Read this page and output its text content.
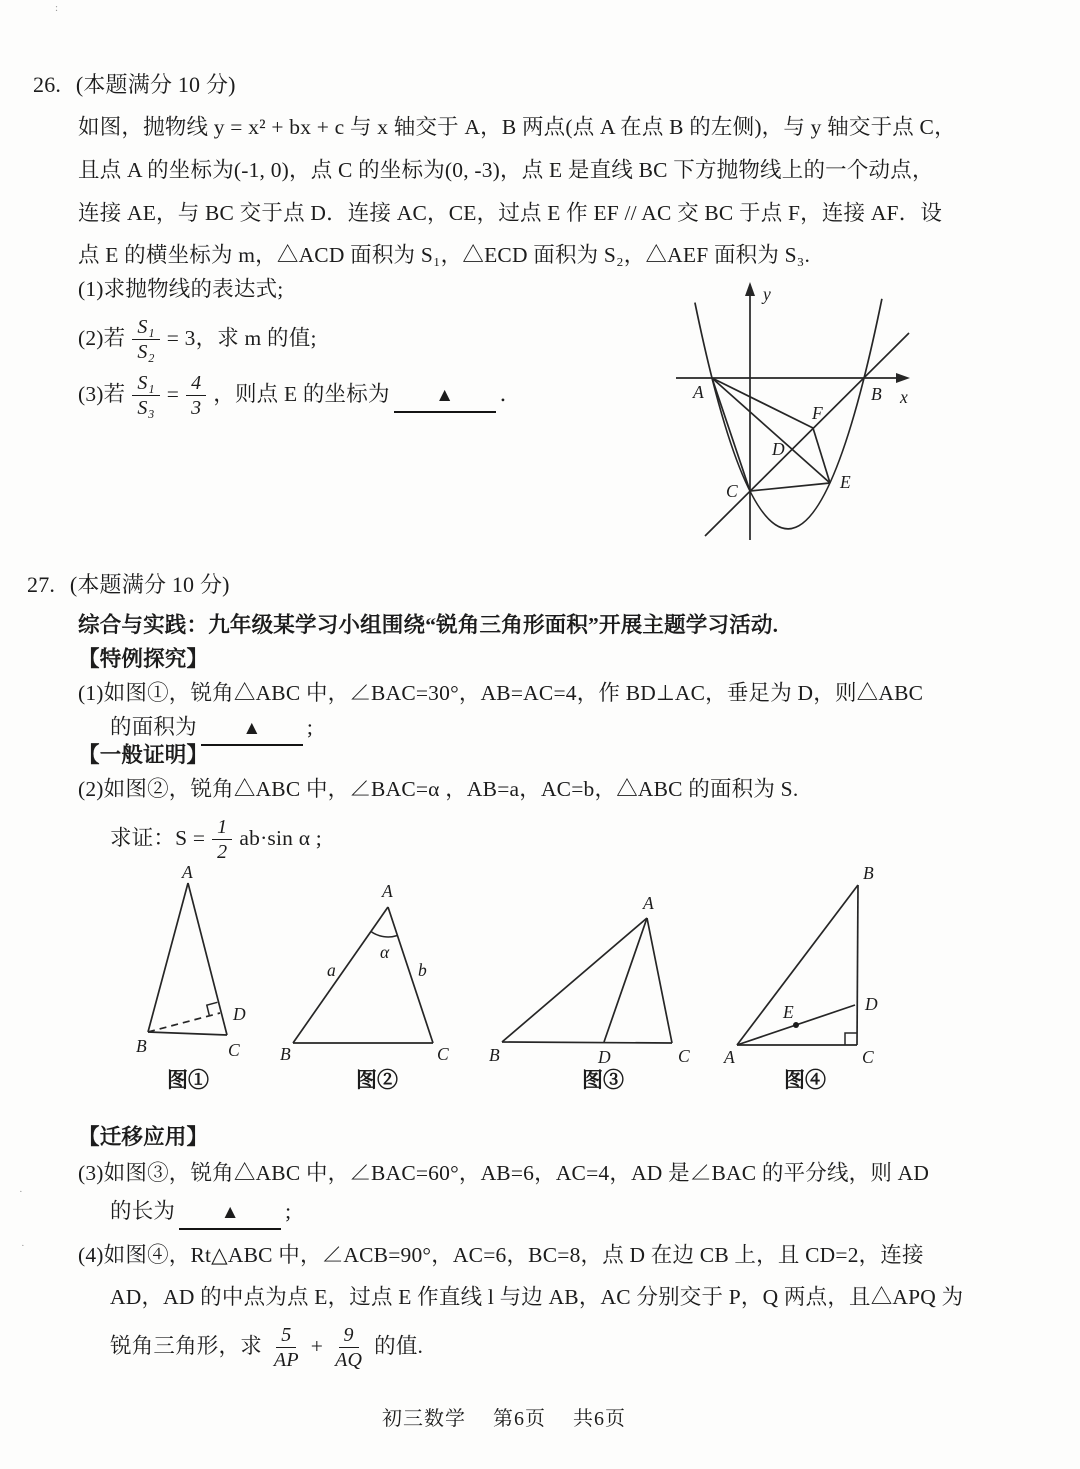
:
·
·
26. (本题满分 10 分)
如图，抛物线 y = x² + bx + c 与 x 轴交于 A，B 两点(点 A 在点 B 的左侧)，与 y 轴交于点 C，
且点 A 的坐标为(-1, 0)，点 C 的坐标为(0, -3)，点 E 是直线 BC 下方抛物线上的一个动点，
连接 AE，与 BC 交于点 D．连接 AC，CE，过点 E 作 EF // AC 交 BC 于点 F，连接 AF．设
点 E 的横坐标为 m，△ACD 面积为 S₁，△ECD 面积为 S₂，△AEF 面积为 S₃.
(1)求抛物线的表达式;
(2)若 $\frac{\text{S₁}}{\text{S₂}} = 3$，求 m 的值;
(3)若 $\frac{\text{S₁}}{\text{S₃}} = \frac{4}{3}$ ，则点 E 的坐标为 ▲ ．
y
x
A	B
C
D
E
F
27. (本题满分 10 分)
综合与实践：九年级某学习小组围绕“锐角三角形面积”开展主题学习活动.
【特例探究】
(1)如图①，锐角△ABC 中，∠BAC=30°，AB=AC=4，作 BD⊥AC，垂足为 D，则△ABC
的面积为 ▲ ;
【一般证明】
(2)如图②，锐角△ABC 中，∠BAC=α ，AB=a，AC=b，△ABC 的面积为 S.
求证：$S = \frac{1}{2} ab\cdot\sin$ α ;
A
B	C
D
图①
A
B	C
α
a	b
图②
A
B	C
D
图③
A	C
D
B
E
图④
【迁移应用】
(3)如图③，锐角△ABC 中，∠BAC=60°，AB=6，AC=4，AD 是∠BAC 的平分线，则 AD
的长为 ▲ ;
(4)如图④，Rt△ABC 中，∠ACB=90°，AC=6，BC=8，点 D 在边 CB 上，且 CD=2，连接
AD，AD 的中点为点 E，过点 E 作直线 l 与边 AB，AC 分别交于 P，Q 两点，且△APQ 为
锐角三角形，求 $\frac{5}{AP} + \frac{9}{AQ}$ 的值.
初三数学 第6页 共6页
